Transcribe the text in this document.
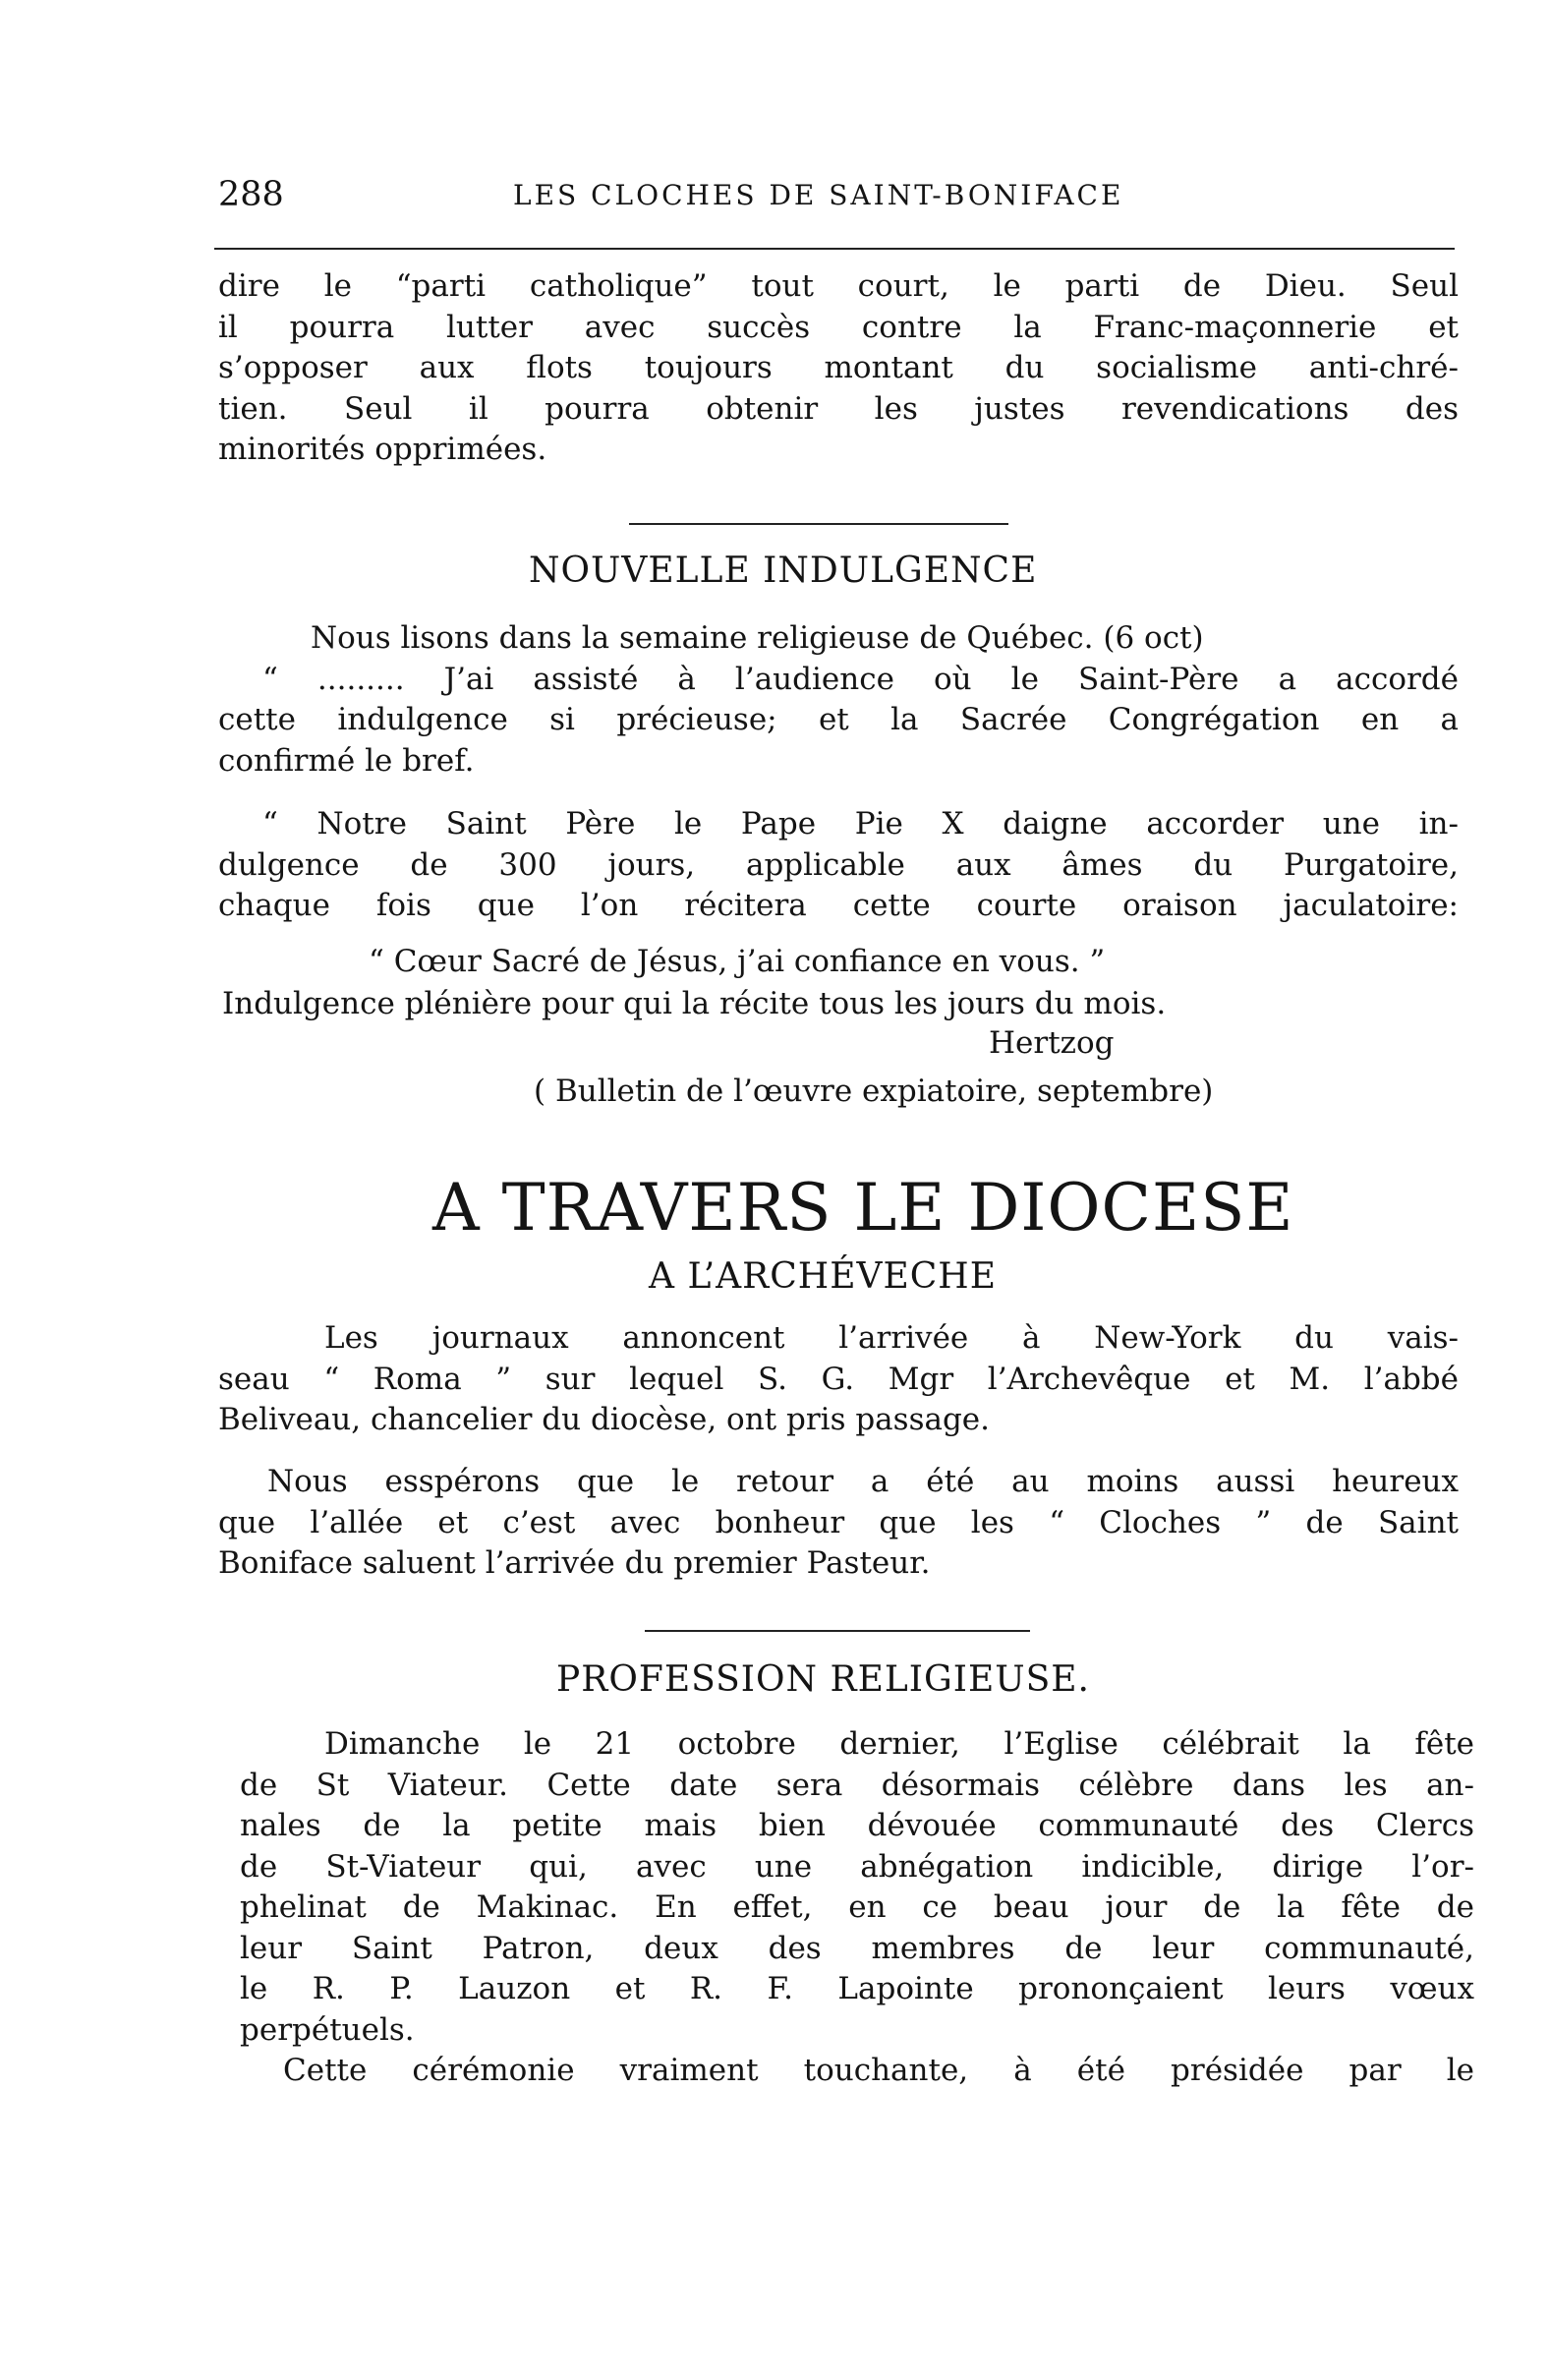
288	LES CLOCHES DE SAINT-BONIFACE
dire le “parti catholique” tout court, le parti de Dieu. Seul
il pourra lutter avec succès contre la Franc-maçonnerie et
s’opposer aux flots toujours montant du socialisme anti-chré-
tien. Seul il pourra obtenir les justes revendications des
minorités opprimées.
NOUVELLE INDULGENCE
Nous lisons dans la semaine religieuse de Québec. (6 oct)
“ ......... J’ai assisté à l’audience où le Saint-Père a accordé
cette indulgence si précieuse; et la Sacrée Congrégation en a
confirmé le bref.
“ Notre Saint Père le Pape Pie X daigne accorder une in-
dulgence de 300 jours, applicable aux âmes du Purgatoire,
chaque fois que l’on récitera cette courte oraison jaculatoire:
“ Cœur Sacré de Jésus, j’ai confiance en vous. ”
Indulgence plénière pour qui la récite tous les jours du mois.
Hertzog
( Bulletin de l’œuvre expiatoire, septembre)
A TRAVERS LE DIOCESE
A L’ARCHÉVECHE
Les journaux annoncent l’arrivée à New-York du vais-
seau “ Roma ” sur lequel S. G. Mgr l’Archevêque et M. l’abbé
Beliveau, chancelier du diocèse, ont pris passage.
Nous esspérons que le retour a été au moins aussi heureux
que l’allée et c’est avec bonheur que les “ Cloches ” de Saint
Boniface saluent l’arrivée du premier Pasteur.
PROFESSION RELIGIEUSE.
Dimanche le 21 octobre dernier, l’Eglise célébrait la fête
de St Viateur. Cette date sera désormais célèbre dans les an-
nales de la petite mais bien dévouée communauté des Clercs
de St-Viateur qui, avec une abnégation indicible, dirige l’or-
phelinat de Makinac. En effet, en ce beau jour de la fête de
leur Saint Patron, deux des membres de leur communauté,
le R. P. Lauzon et R. F. Lapointe prononçaient leurs vœux
perpétuels.
Cette cérémonie vraiment touchante, à été présidée par le
